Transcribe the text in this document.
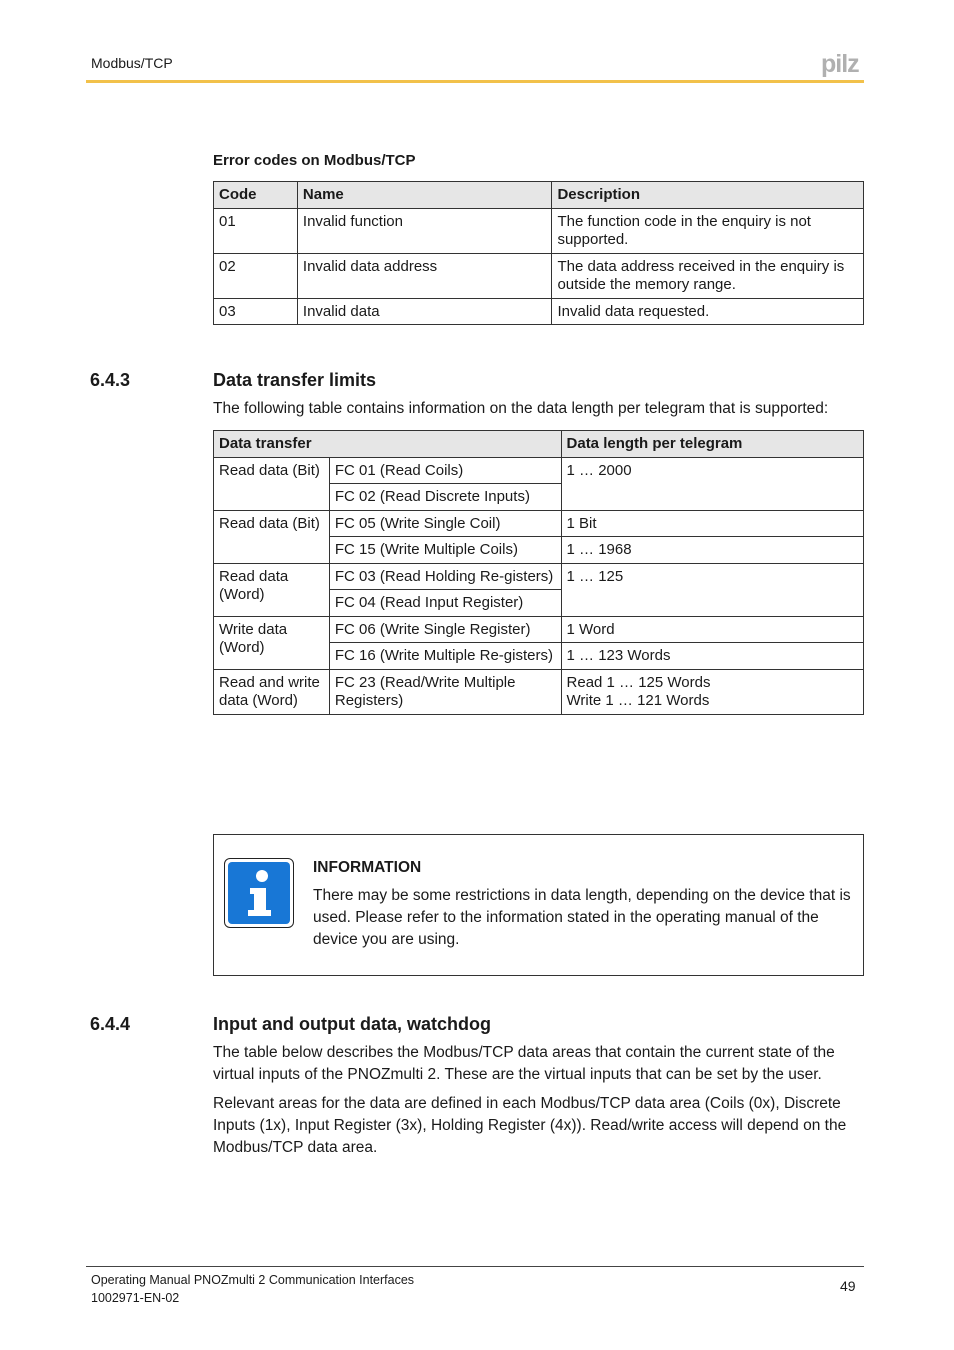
Modbus/TCP	pilz
Error codes on Modbus/TCP
Code	Name	Description
01	Invalid function	The function code in the enquiry is not supported.
02	Invalid data address	The data address received in the enquiry is outside the memory range.
03	Invalid data	Invalid data requested.
6.4.3	Data transfer limits
The following table contains information on the data length per telegram that is supported:
Data transfer		Data length per telegram
Read data (Bit)	FC 01 (Read Coils)	1 … 2000
	FC 02 (Read Discrete Inputs)	
Read data (Bit)	FC 05 (Write Single Coil)	1 Bit
	FC 15 (Write Multiple Coils)	1 … 1968
Read data (Word)	FC 03 (Read Holding Re-gisters)	1 … 125
	FC 04 (Read Input Register)	
Write data (Word)	FC 06 (Write Single Register)	1 Word
	FC 16 (Write Multiple Re-gisters)	1 … 123 Words
Read and write data (Word)	FC 23 (Read/Write Multiple Registers)	Read 1 … 125 Words
Write 1 … 121 Words
INFORMATION
There may be some restrictions in data length, depending on the device that is used. Please refer to the information stated in the operating manual of the device you are using.
6.4.4	Input and output data, watchdog
The table below describes the Modbus/TCP data areas that contain the current state of the virtual inputs of the PNOZmulti 2. These are the virtual inputs that can be set by the user.
Relevant areas for the data are defined in each Modbus/TCP data area (Coils (0x), Discrete Inputs (1x), Input Register (3x), Holding Register (4x)). Read/write access will depend on the Modbus/TCP data area.
Operating Manual PNOZmulti 2 Communication Interfaces
1002971-EN-02
49
